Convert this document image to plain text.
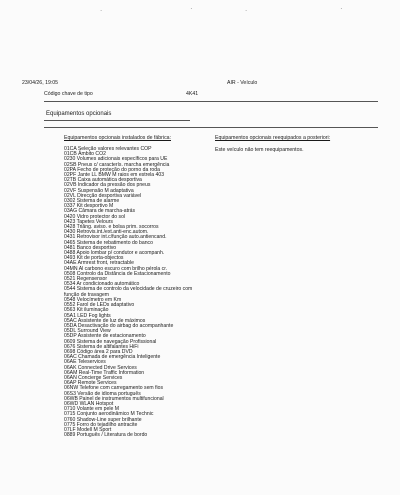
.	·	.	·
23/04/26, 19:05	AIR - Veículo
Código chave de tipo	4K41
Equipamentos opcionais
Equipamentos opcionais instalados de fábrica:	Equipamentos opcionais reequipados a posteriori:
01CA Seleção valores relevantes COP
01CB Âmbito CO2
0230 Volumes adicionais específicos para UE
02SB Pneus c/ caracterís. marcha emergência
02PA Fecho de proteção do porno da roda
02PF Jante LL BMW M raios em estrela 403
02TB Caixa automática desportiva
02VB Indicador da pressão dos pneus
02VF Suspensão M adaptativa
02VL Direcção desportiva variável
0302 Sistema de alarme
0337 Kit desportivo M
03AG Câmara de marcha-atrás
0420 Vidro protector do sol
0423 Tapetes Velours
0428 Triâng. aviso. e bolsa prim. socorros
0430 Retrovis.int./ext.anti-enc.autom.
0431 Retrovisor int.c/função auto.antiencand.
0465 Sistema de rebatimento do banco
0481 Banco desportivo
0488 Apoio lombar p/ condutor e acompanh.
0493 Kit de porta-objectos
04AE Armrest front, retractable
04MN Al carbono escuro com brilho pérola cr.
0508 Controlo da Distância de Estacionamento
0521 Regensensor
0534 Ar condicionado automático
0544 Sistema de controlo da velocidade de cruzeiro com
função de travagem
0548 Velocímetro em Km
0552 Farol de LEDs adaptativo
0563 Kit iluminação
05A1 LED Fog lights
05AC Assistente de luz de máximos
05DA Desactivação do airbag do acompanhante
05DL Surround View
05DP Assistente de estacionamento
0609 Sistema de navegação Profissional
0676 Sistema de altifalantes HiFi
0698 Código área 2 para DVD
06AC Chamada de emergência Inteligente
06AE Teleservices
06AK Connected Drive Services
06AM Real-Time Traffic Information
06AN Concierge Services
06AP Remote Services
06NW Telefone com carregamento sem fios
06S3 Versão de idioma português
06WB Painel de instrumentos multifuncional
06WD WLAN Hotspot
0710 Volante em pele M
0715 Conjunto aerodinâmico M Technic
0760 Shadow-Line super brilhante
0775 Forro do tejadilho antracite
07LF Modell M Sport
0889 Português / Literatura de bordo
Este veículo não tem reequipamentos.
